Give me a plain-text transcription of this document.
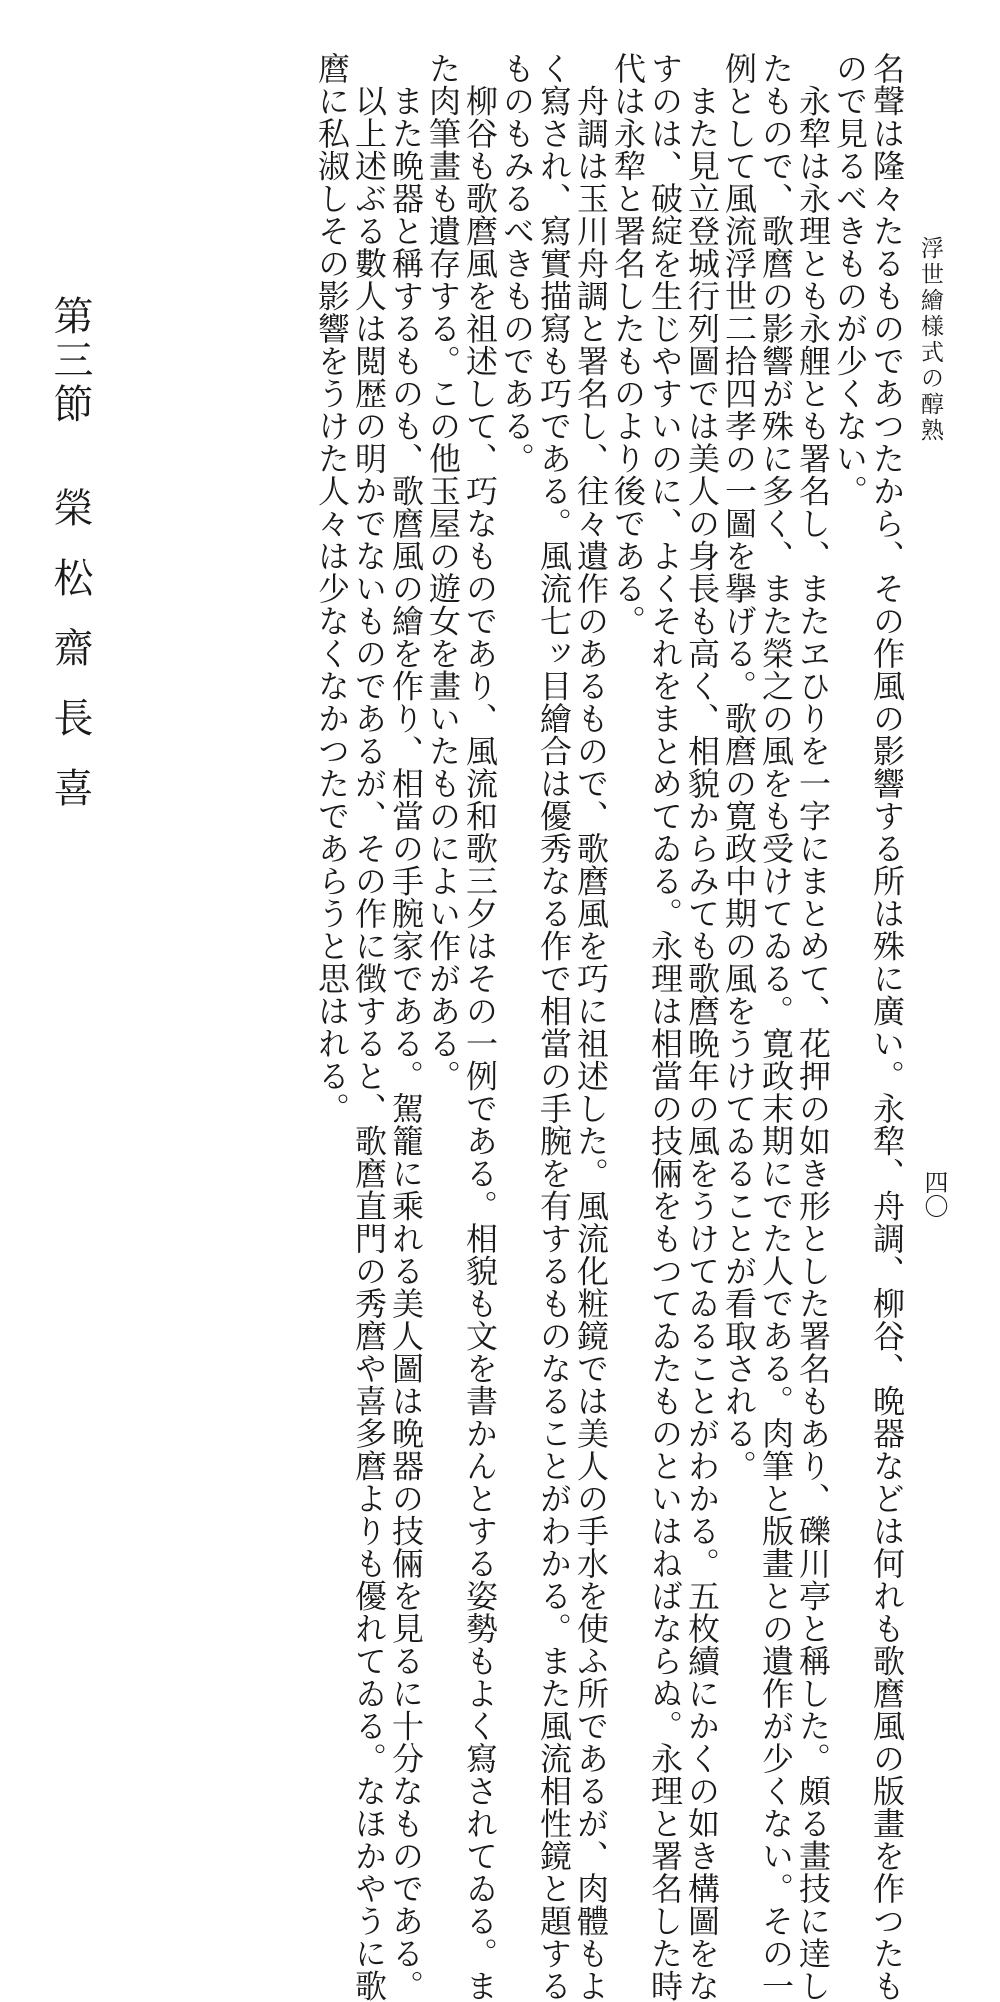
浮世繪様式の醇熟
四〇

名聲は隆々たるものであつたから、その作風の影響する所は殊に廣い。永犂、舟調、柳谷、晩器などは何れも歌麿風の版畫を作つたも

ので見るべきものが少くない。

　永犂は永理とも永艃とも署名し、またヱひりを一字にまとめて、花押の如き形とした署名もあり、礫川亭と稱した。頗る畫技に逹し

たもので、歌麿の影響が殊に多く、また榮之の風をも受けてゐる。寛政末期にでた人である。肉筆と版畫との遺作が少くない。その一

例として風流浮世二拾四孝の一圖を擧げる。歌麿の寛政中期の風をうけてゐることが看取される。

　また見立登城行列圖では美人の身長も高く、相貌からみても歌麿晩年の風をうけてゐることがわかる。五枚續にかくの如き構圖をな

すのは、破綻を生じやすいのに、よくそれをまとめてゐる。永理は相當の技倆をもつてゐたものといはねばならぬ。永理と署名した時

代は永犂と署名したものより後である。

　舟調は玉川舟調と署名し、往々遺作のあるもので、歌麿風を巧に祖述した。風流化粧鏡では美人の手水を使ふ所であるが、肉體もよ

く寫され、寫實描寫も巧である。風流七ッ目繪合は優秀なる作で相當の手腕を有するものなることがわかる。また風流相性鏡と題する

ものもみるべきものである。

　柳谷も歌麿風を祖述して、巧なものであり、風流和歌三夕はその一例である。相貌も文を書かんとする姿勢もよく寫されてゐる。ま

た肉筆畫も遺存する。この他玉屋の遊女を畫いたものによい作がある。

　また晩器と稱するものも、歌麿風の繪を作り、相當の手腕家である。駕籠に乘れる美人圖は晩器の技倆を見るに十分なものである。

　以上述ぶる數人は閲歴の明かでないものであるが、その作に徴すると、歌麿直門の秀麿や喜多麿よりも優れてゐる。なほかやうに歌

麿に私淑しその影響をうけた人々は少なくなかつたであらうと思はれる。

第三節榮松齋長喜
